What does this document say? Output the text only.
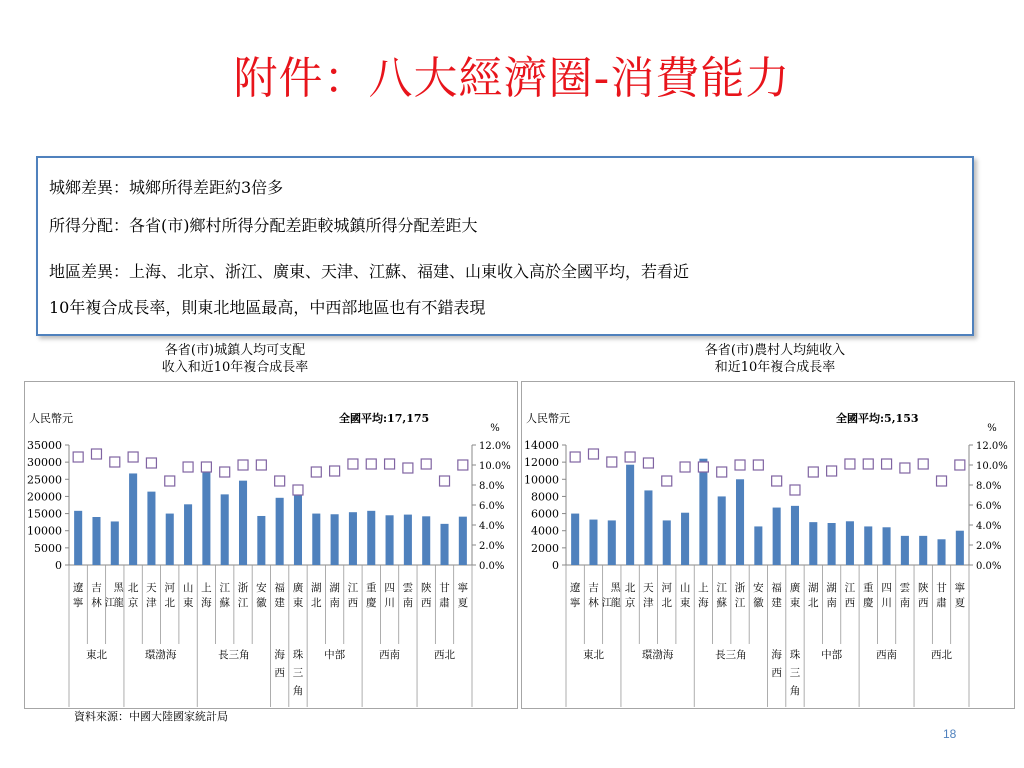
附件：八大經濟圈-消費能力
城鄉差異：城鄉所得差距約3倍多
所得分配：各省(市)鄉村所得分配差距較城鎮所得分配差距大
地區差異：上海、北京、浙江、廣東、天津、江蘇、福建、山東收入高於全國平均，若看近
10年複合成長率，則東北地區最高，中西部地區也有不錯表現
各省(市)城鎮人均可支配
收入和近10年複合成長率
各省(市)農村人均純收入
和近10年複合成長率
人民幣元	全國平均:17,175
%
35000
30000
25000
20000
15000
10000
5000
0
12.0%
10.0%
8.0%
6.0%
4.0%
2.0%
0.0%
遼
寧
吉
林
黑
龍
江
北
京
天
津
河
北
山
東
上
海
江
蘇
浙
江
安
徽
福
建
廣
東
湖
北
湖
南
江
西
重
慶
四
川
雲
南
陝
西
甘
肅
寧
夏
東北	環渤海	長三角 海
西
珠
三
角
中部	西南	西北
人民幣元	全國平均:5,153
%
14000
12000
10000
8000
6000
4000
2000
0
12.0%
10.0%
8.0%
6.0%
4.0%
2.0%
0.0%
遼
寧
吉
林
黑
龍
江
北
京
天
津
河
北
山
東
上
海
江
蘇
浙
江
安
徽
福
建
廣
東
湖
北
湖
南
江
西
重
慶
四
川
雲
南
陝
西
甘
肅
寧
夏
東北	環渤海	長三角 海
西
珠
三
角
中部	西南	西北
資料來源：中國大陸國家統計局
18
